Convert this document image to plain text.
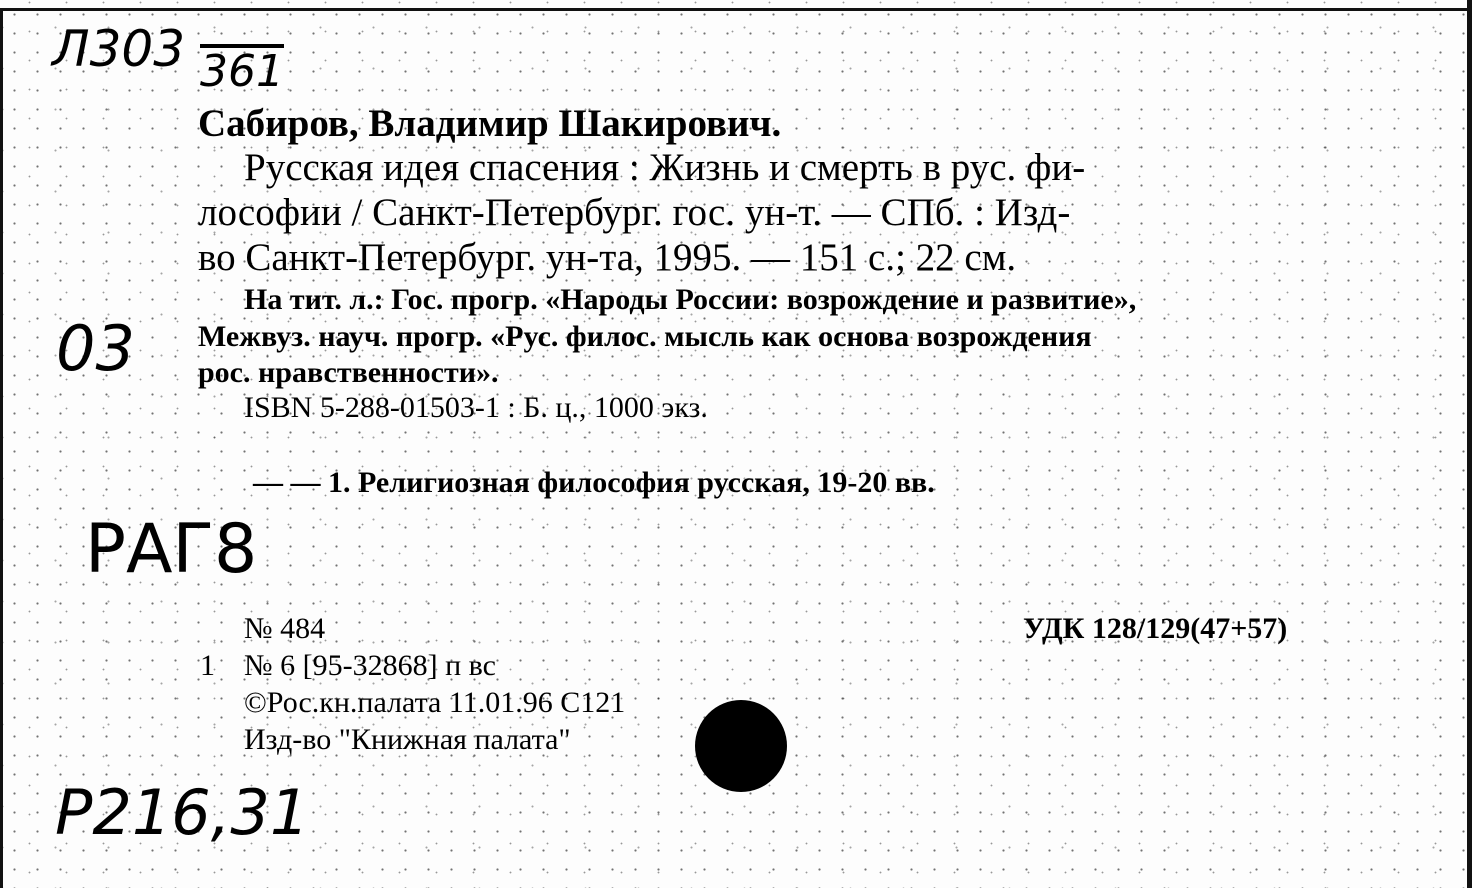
Л303 361
03
РАГ8
Р216,31
Сабиров, Владимир Шакирович.
Русская идея спасения : Жизнь и смерть в рус. фи-
лософии / Санкт-Петербург. гос. ун-т. — СПб. : Изд-
во Санкт-Петербург. ун-та, 1995. — 151 с.; 22 см.
На тит. л.: Гос. прогр. «Народы России: возрождение и развитие»,
Межвуз. науч. прогр. «Рус. филос. мысль как основа возрождения
рос. нравственности».
ISBN 5-288-01503-1 : Б. ц., 1000 экз.
— — 1. Религиозная философия русская, 19-20 вв.
№ 484	УДК 128/129(47+57)
1 № 6 [95-32868] п вс
©Рос.кн.палата 11.01.96 С121
Изд-во "Книжная палата"
